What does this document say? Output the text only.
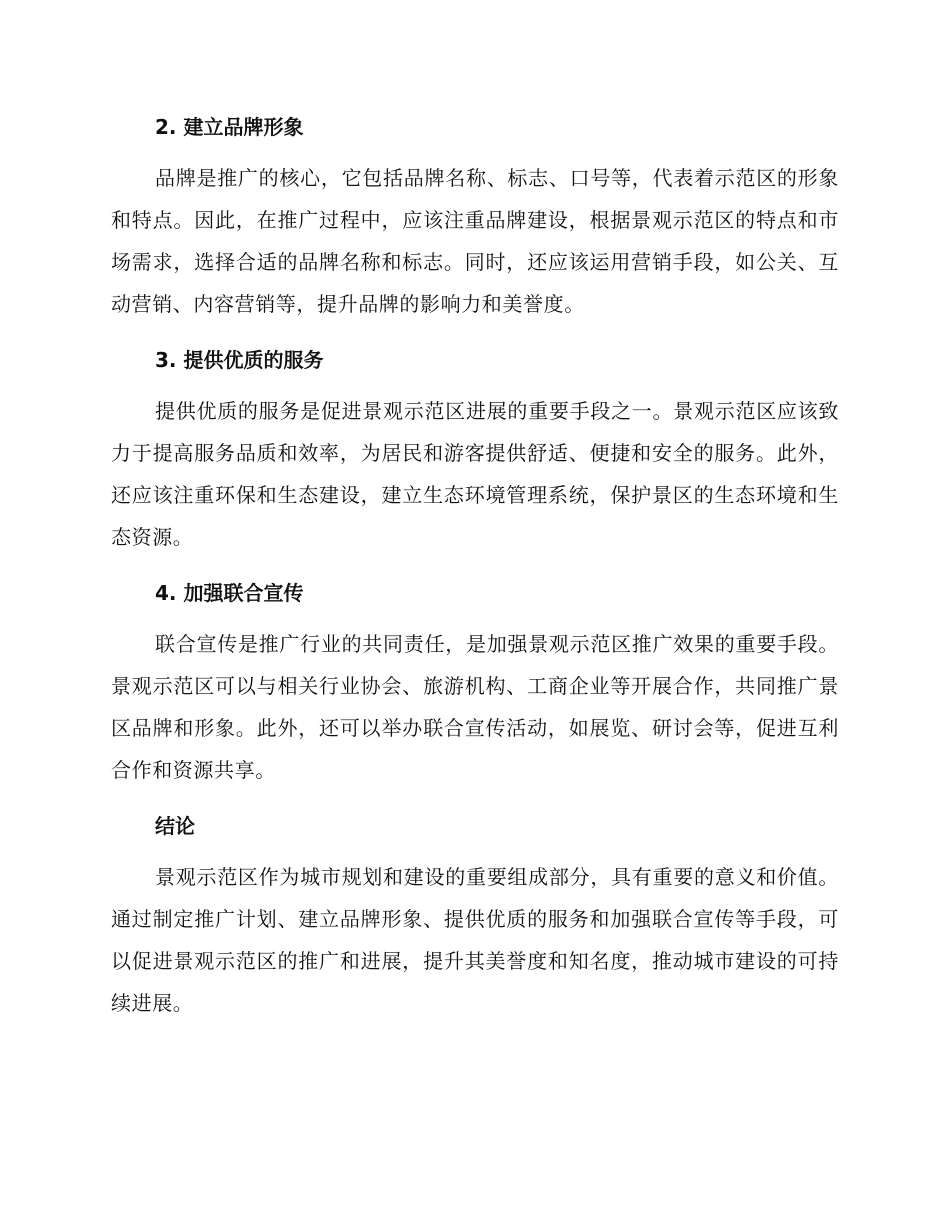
2. 建立品牌形象

品牌是推广的核心，它包括品牌名称、标志、口号等，代表着示范区的形象和特点。因此，在推广过程中，应该注重品牌建设，根据景观示范区的特点和市场需求，选择合适的品牌名称和标志。同时，还应该运用营销手段，如公关、互动营销、内容营销等，提升品牌的影响力和美誉度。

3. 提供优质的服务

提供优质的服务是促进景观示范区进展的重要手段之一。景观示范区应该致力于提高服务品质和效率，为居民和游客提供舒适、便捷和安全的服务。此外，还应该注重环保和生态建设，建立生态环境管理系统，保护景区的生态环境和生态资源。

4. 加强联合宣传

联合宣传是推广行业的共同责任，是加强景观示范区推广效果的重要手段。景观示范区可以与相关行业协会、旅游机构、工商企业等开展合作，共同推广景区品牌和形象。此外，还可以举办联合宣传活动，如展览、研讨会等，促进互利合作和资源共享。

结论

景观示范区作为城市规划和建设的重要组成部分，具有重要的意义和价值。通过制定推广计划、建立品牌形象、提供优质的服务和加强联合宣传等手段，可以促进景观示范区的推广和进展，提升其美誉度和知名度，推动城市建设的可持续进展。
